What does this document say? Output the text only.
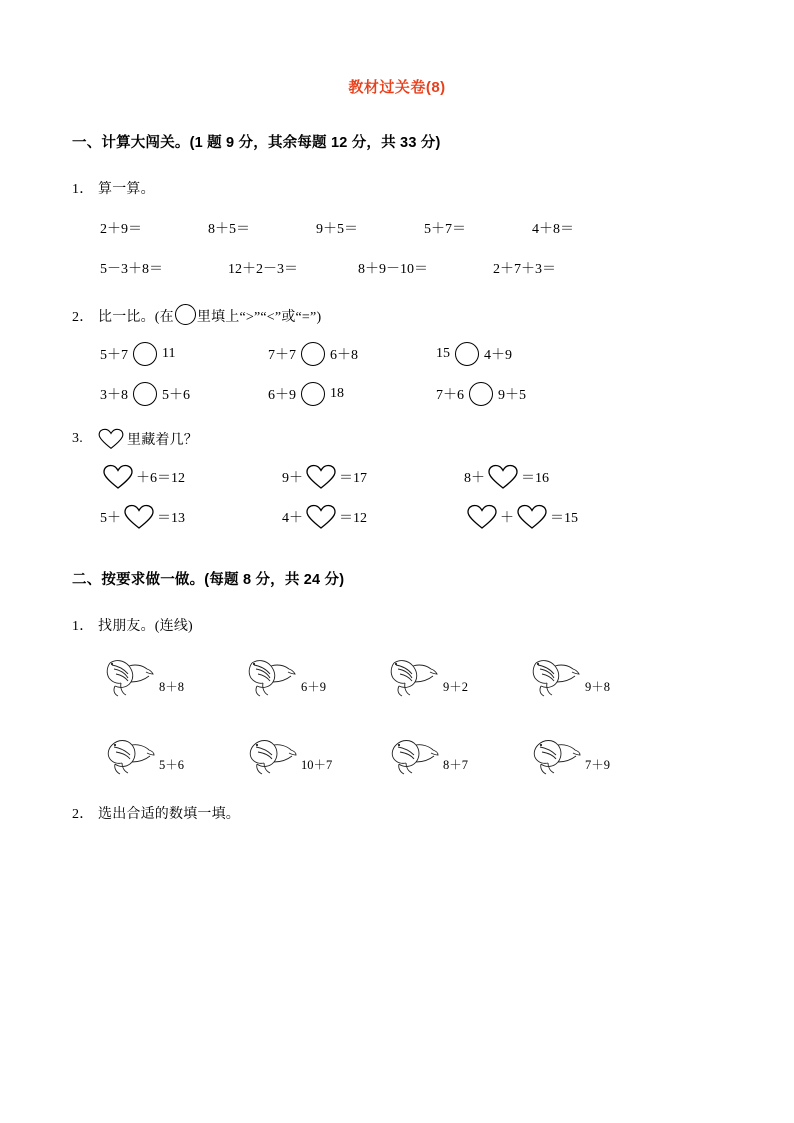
教材过关卷(8)
一、计算大闯关。(1 题 9 分，其余每题 12 分，共 33 分)
1． 算一算。
2＋9＝	8＋5＝	9＋5＝	5＋7＝	4＋8＝
5－3＋8＝	12＋2－3＝	8＋9－10＝	2＋7＋3＝
2． 比一比。(在 里填上“>”“<”或“=”)
5＋7 11	7＋7 6＋8	15 4＋9
3＋8 5＋6	6＋9 18	7＋6 9＋5
3.	里藏着几？
＋6＝12	9＋	＝17	8＋	＝16
5＋	＝13	4＋	＝12	＋	＝15
二、按要求做一做。(每题 8 分，共 24 分)
1． 找朋友。(连线)
8＋8	6＋9	9＋2	9＋8
5＋6	10＋7	8＋7	7＋9
2． 选出合适的数填一填。
